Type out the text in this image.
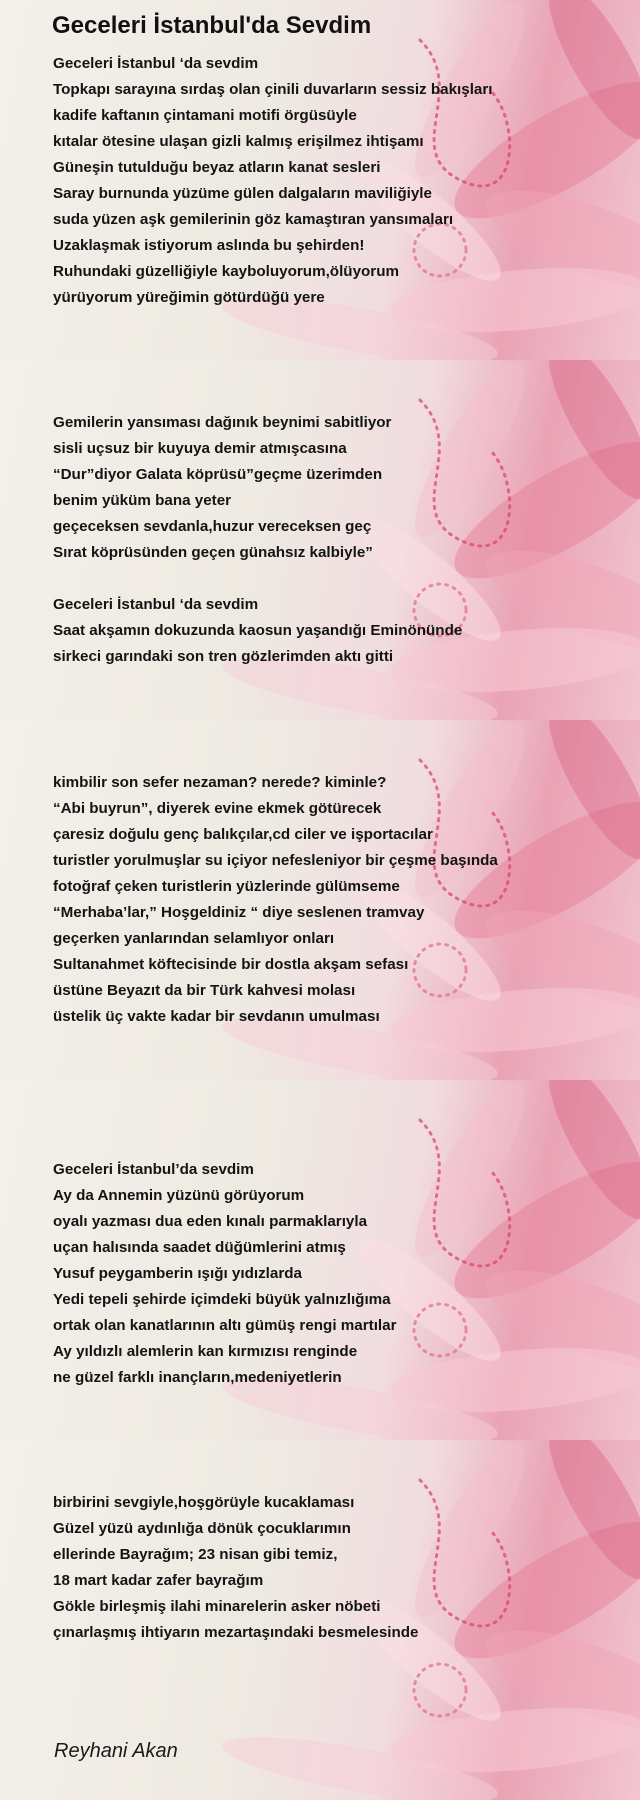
Geceleri İstanbul'da Sevdim
Geceleri İstanbul ‘da sevdim
Topkapı sarayına sırdaş olan çinili duvarların sessiz bakışları
kadife kaftanın çintamani motifi örgüsüyle
kıtalar ötesine ulaşan gizli kalmış erişilmez ihtişamı
Güneşin tutulduğu beyaz atların kanat sesleri
Saray burnunda yüzüme gülen dalgaların maviliğiyle
suda yüzen aşk gemilerinin göz kamaştıran yansımaları
Uzaklaşmak istiyorum aslında bu şehirden!
Ruhundaki güzelliğiyle kayboluyorum,ölüyorum
yürüyorum yüreğimin götürdüğü yere
Gemilerin yansıması dağınık beynimi sabitliyor
sisli uçsuz bir kuyuya demir atmışcasına
“Dur”diyor Galata köprüsü”geçme üzerimden
benim yüküm bana yeter
geçeceksen sevdanla,huzur vereceksen geç
Sırat köprüsünden geçen günahsız kalbiyle”
Geceleri İstanbul ‘da sevdim
Saat akşamın dokuzunda kaosun yaşandığı Eminönünde
sirkeci garındaki son tren gözlerimden aktı gitti
kimbilir son sefer nezaman? nerede? kiminle?
“Abi buyrun”, diyerek evine ekmek götürecek
çaresiz doğulu genç balıkçılar,cd ciler ve işportacılar
turistler yorulmuşlar su içiyor nefesleniyor bir çeşme başında
fotoğraf çeken turistlerin yüzlerinde gülümseme
“Merhaba’lar,” Hoşgeldiniz “ diye seslenen tramvay
geçerken yanlarından selamlıyor onları
Sultanahmet köftecisinde bir dostla akşam sefası
üstüne Beyazıt da bir Türk kahvesi molası
üstelik üç vakte kadar bir sevdanın umulması
Geceleri İstanbul’da sevdim
Ay da Annemin yüzünü görüyorum
oyalı yazması dua eden kınalı parmaklarıyla
uçan halısında saadet düğümlerini atmış
Yusuf peygamberin ışığı yıdızlarda
Yedi tepeli şehirde içimdeki büyük yalnızlığıma
ortak olan kanatlarının altı gümüş rengi martılar
Ay yıldızlı alemlerin kan kırmızısı renginde
ne güzel farklı inançların,medeniyetlerin
birbirini sevgiyle,hoşgörüyle kucaklaması
Güzel yüzü aydınlığa dönük çocuklarımın
ellerinde Bayrağım; 23 nisan gibi temiz,
18 mart kadar zafer bayrağım
Gökle birleşmiş ilahi minarelerin asker nöbeti
çınarlaşmış ihtiyarın mezartaşındaki besmelesinde
Reyhani Akan
